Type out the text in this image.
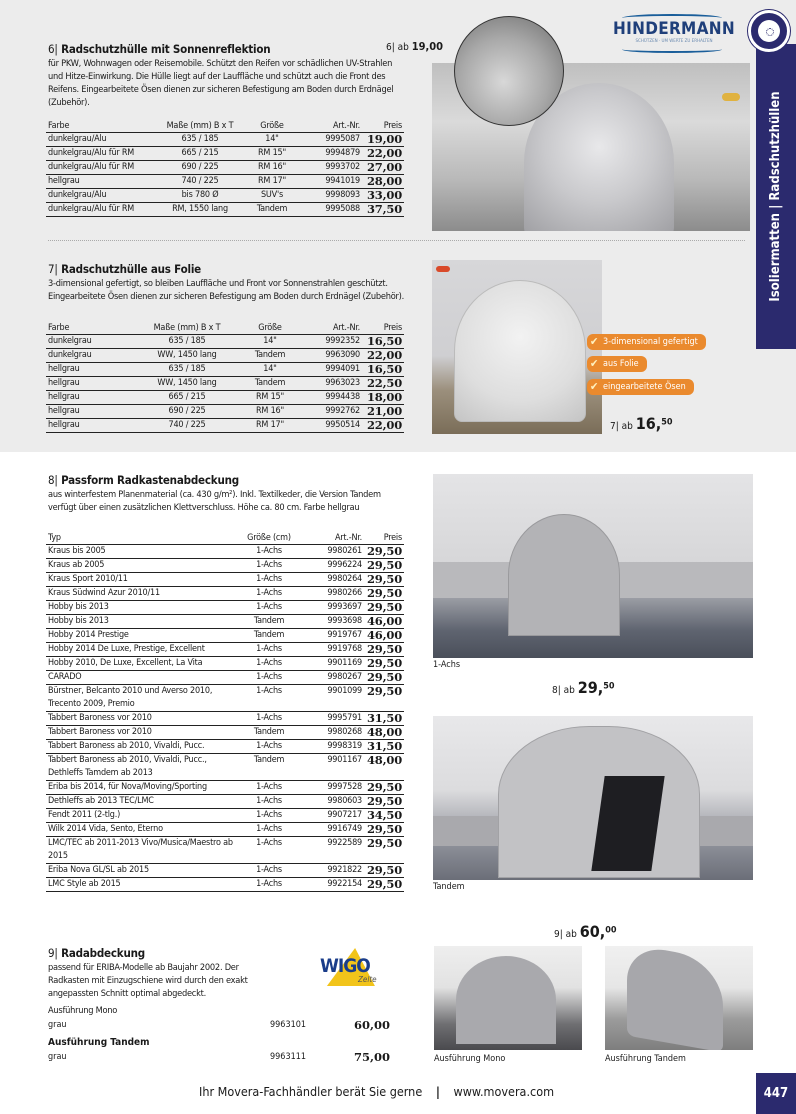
Isoliermatten | Radschutzhüllen
HINDERMANN
SCHÜTZEN · UM WERTE ZU ERHALTEN
6| Radschutzhülle mit Sonnenreflektion	6| ab 19,00
für PKW, Wohnwagen oder Reisemobile. Schützt den Reifen vor schädlichen UV-Strahlen und Hitze-Einwirkung. Die Hülle liegt auf der Lauffläche und schützt auch die Front des Reifens. Eingearbeitete Ösen dienen zur sicheren Befestigung am Boden durch Erdnägel (Zubehör).
Farbe	Maße (mm) B x T	Größe	Art.-Nr.	Preis
dunkelgrau/Alu	635 / 185	14"	9995087	19,00
dunkelgrau/Alu für RM	665 / 215	RM 15"	9994879	22,00
dunkelgrau/Alu für RM	690 / 225	RM 16"	9993702	27,00
hellgrau	740 / 225	RM 17"	9941019	28,00
dunkelgrau/Alu	bis 780 Ø	SUV's	9998093	33,00
dunkelgrau/Alu für RM	RM, 1550 lang	Tandem	9995088	37,50
7| Radschutzhülle aus Folie
3-dimensional gefertigt, so bleiben Lauffläche und Front vor Sonnenstrahlen geschützt. Eingearbeitete Ösen dienen zur sicheren Befestigung am Boden durch Erdnägel (Zubehör).
Farbe	Maße (mm) B x T	Größe	Art.-Nr.	Preis
dunkelgrau	635 / 185	14"	9992352	16,50
dunkelgrau	WW, 1450 lang	Tandem	9963090	22,00
hellgrau	635 / 185	14"	9994091	16,50
hellgrau	WW, 1450 lang	Tandem	9963023	22,50
hellgrau	665 / 215	RM 15"	9994438	18,00
hellgrau	690 / 225	RM 16"	9992762	21,00
hellgrau	740 / 225	RM 17"	9950514	22,00
✔ 3-dimensional gefertigt
✔ aus Folie
✔ eingearbeitete Ösen
7| ab 16,50
8| Passform Radkastenabdeckung
aus winterfestem Planenmaterial (ca. 430 g/m²). Inkl. Textilkeder, die Version Tandem verfügt über einen zusätzlichen Klettverschluss. Höhe ca. 80 cm. Farbe hellgrau
Typ	Größe (cm)	Art.-Nr.	Preis
Kraus bis 2005	1-Achs	9980261	29,50
Kraus ab 2005	1-Achs	9996224	29,50
Kraus Sport 2010/11	1-Achs	9980264	29,50
Kraus Südwind Azur 2010/11	1-Achs	9980266	29,50
Hobby bis 2013	1-Achs	9993697	29,50
Hobby bis 2013	Tandem	9993698	46,00
Hobby 2014 Prestige	Tandem	9919767	46,00
Hobby 2014 De Luxe, Prestige, Excellent	1-Achs	9919768	29,50
Hobby 2010, De Luxe, Excellent, La Vita	1-Achs	9901169	29,50
CARADO	1-Achs	9980267	29,50
Bürstner, Belcanto 2010 und Averso 2010, Trecento 2009, Premio	1-Achs	9901099	29,50
Tabbert Baroness vor 2010	1-Achs	9995791	31,50
Tabbert Baroness vor 2010	Tandem	9980268	48,00
Tabbert Baroness ab 2010, Vivaldi, Pucc.	1-Achs	9998319	31,50
Tabbert Baroness ab 2010, Vivaldi, Pucc., Dethleffs Tamdem ab 2013	Tandem	9901167	48,00
Eriba bis 2014, für Nova/Moving/Sporting	1-Achs	9997528	29,50
Dethleffs ab 2013 TEC/LMC	1-Achs	9980603	29,50
Fendt 2011 (2-tlg.)	1-Achs	9907217	34,50
Wilk 2014 Vida, Sento, Eterno	1-Achs	9916749	29,50
LMC/TEC ab 2011-2013 Vivo/Musica/Maestro ab 2015	1-Achs	9922589	29,50
Eriba Nova GL/SL ab 2015	1-Achs	9921822	29,50
LMC Style ab 2015	1-Achs	9922154	29,50
1-Achs
8| ab 29,50
Tandem
9| Radabdeckung
passend für ERIBA-Modelle ab Baujahr 2002. Der Radkasten mit Einzugschiene wird durch den exakt angepassten Schnitt optimal abgedeckt.
WIGO
Zelte
Ausführung Mono
grau	9963101	60,00
Ausführung Tandem
grau	9963111	75,00
9| ab 60,00
Ausführung Mono	Ausführung Tandem
Ihr Movera-Fachhändler berät Sie gerne | www.movera.com	447
